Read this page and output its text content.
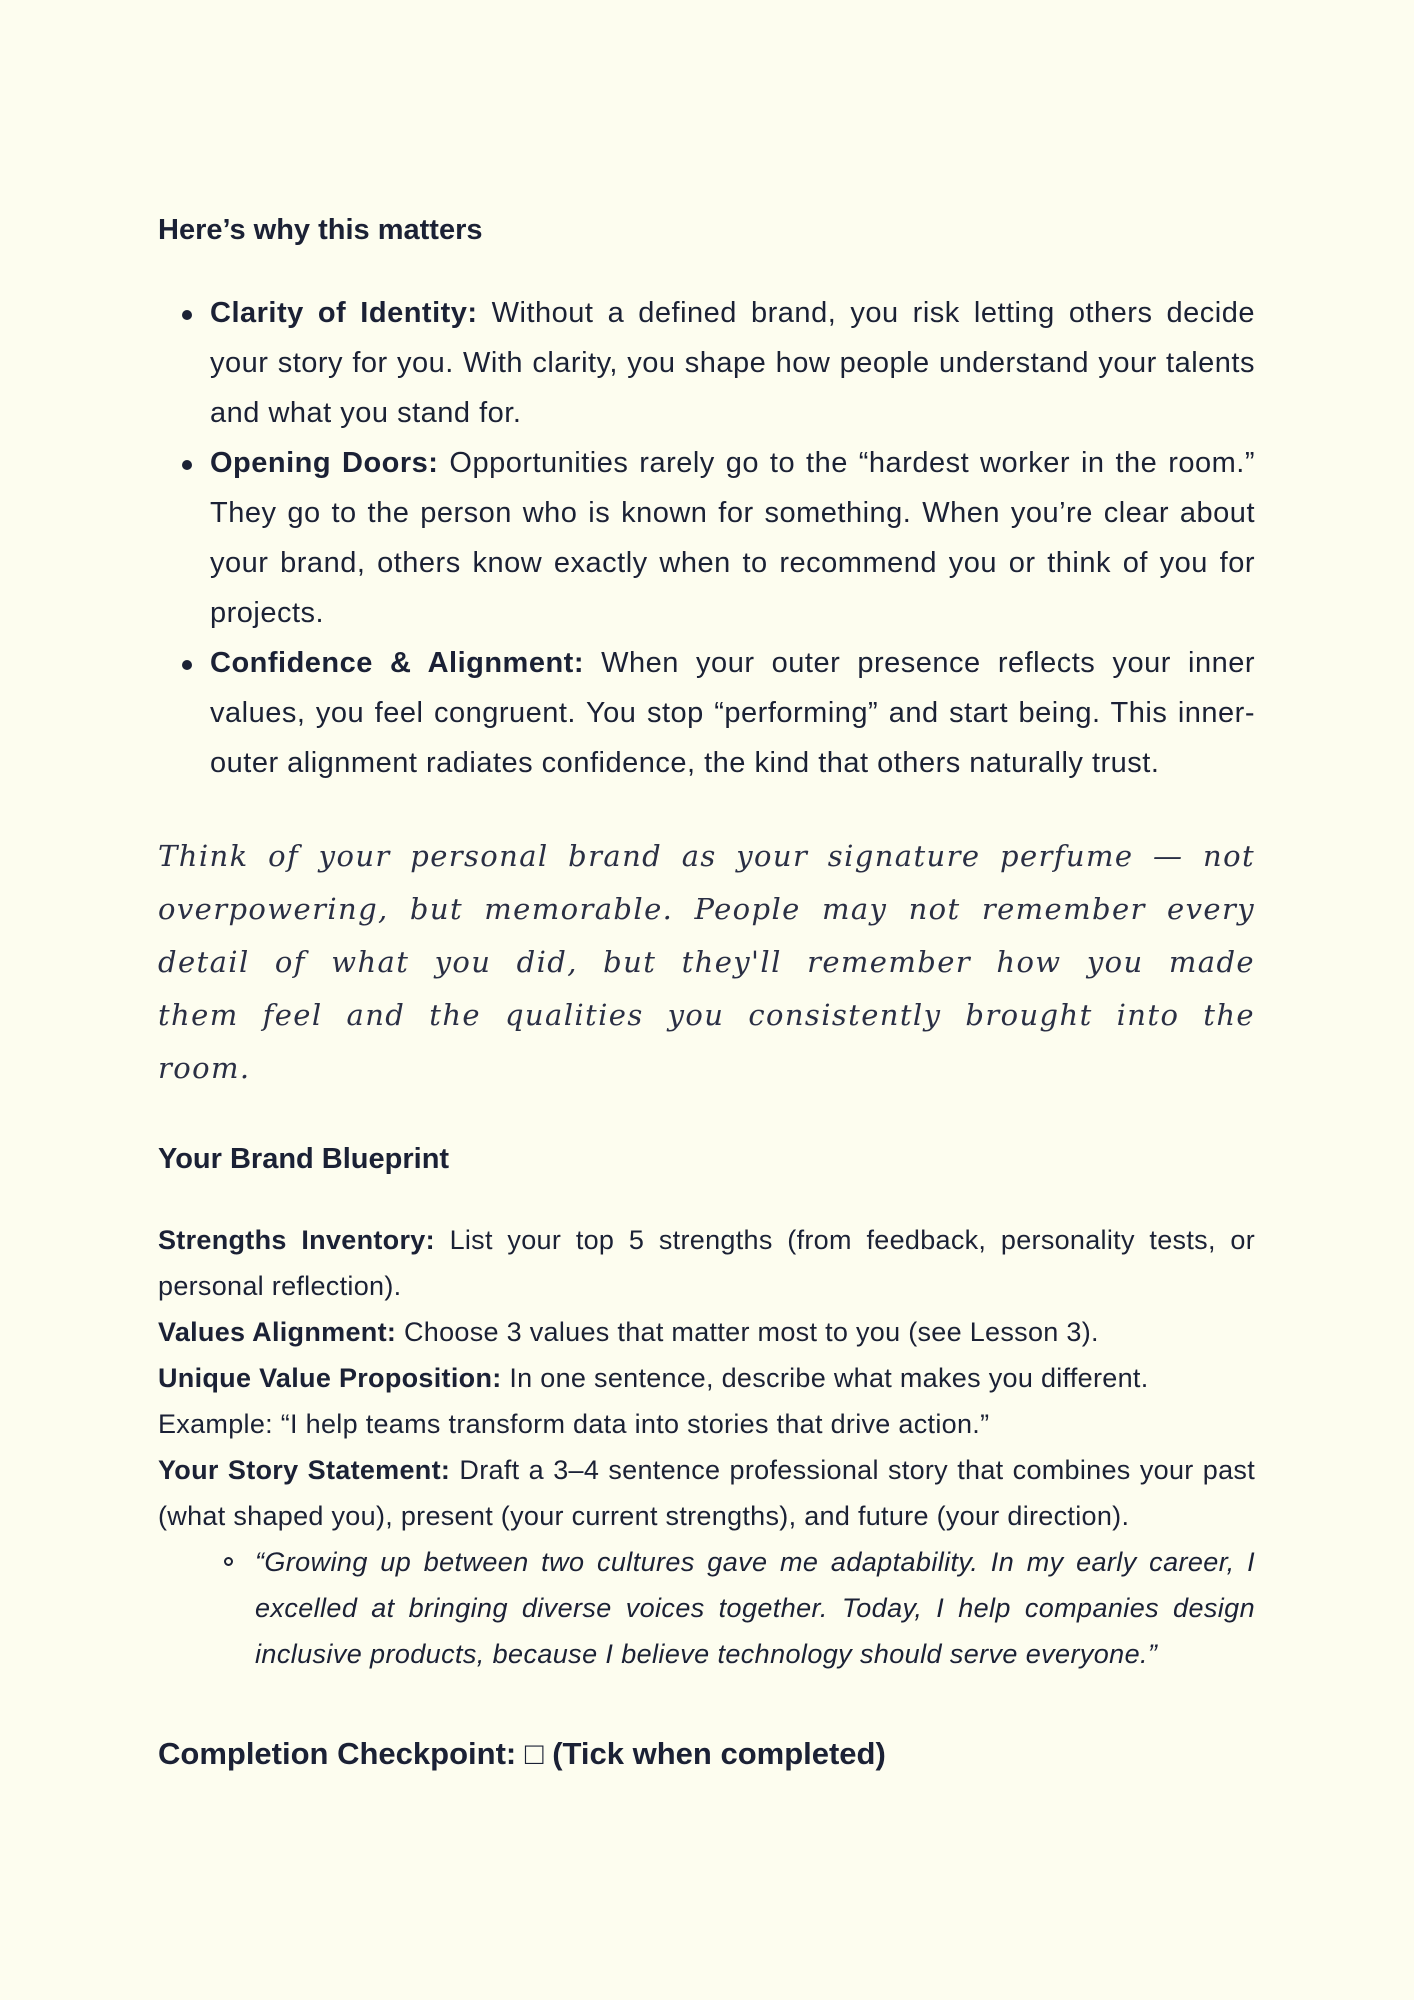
Here’s why this matters
Clarity of Identity: Without a defined brand, you risk letting others decide your story for you. With clarity, you shape how people understand your talents and what you stand for.
Opening Doors: Opportunities rarely go to the “hardest worker in the room.” They go to the person who is known for something. When you’re clear about your brand, others know exactly when to recommend you or think of you for projects.
Confidence & Alignment: When your outer presence reflects your inner values, you feel congruent. You stop “performing” and start being. This inner-outer alignment radiates confidence, the kind that others naturally trust.

Think of your personal brand as your signature perfume — not overpowering, but memorable. People may not remember every detail of what you did, but they'll remember how you made them feel and the qualities you consistently brought into the room.

Your Brand Blueprint
Strengths Inventory: List your top 5 strengths (from feedback, personality tests, or personal reflection).
Values Alignment: Choose 3 values that matter most to you (see Lesson 3).
Unique Value Proposition: In one sentence, describe what makes you different.
Example: “I help teams transform data into stories that drive action.”
Your Story Statement: Draft a 3–4 sentence professional story that combines your past (what shaped you), present (your current strengths), and future (your direction).
“Growing up between two cultures gave me adaptability. In my early career, I excelled at bringing diverse voices together. Today, I help companies design inclusive products, because I believe technology should serve everyone.”
Completion Checkpoint: □ (Tick when completed)
